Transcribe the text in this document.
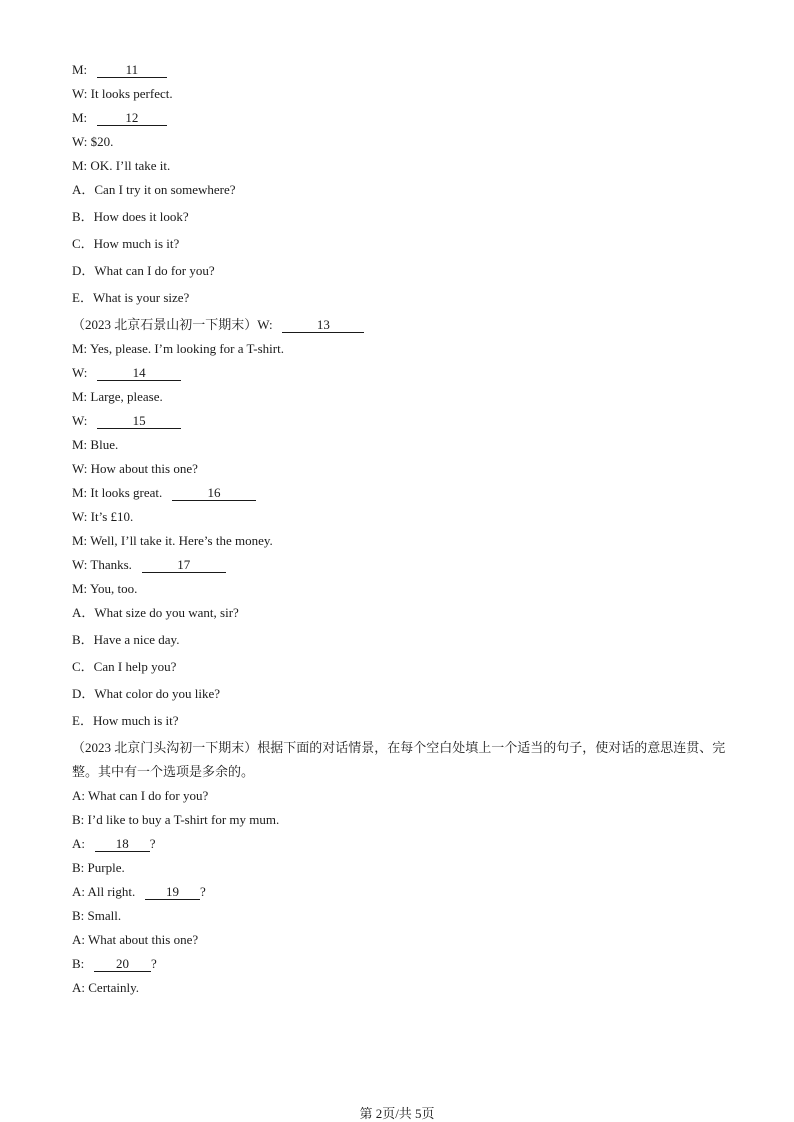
M:	11
W: It looks perfect.
M:	12
W: $20.
M: OK. I’ll take it.
A．Can I try it on somewhere?
B．How does it look?
C．How much is it?
D．What can I do for you?
E．What is your size?
（2023 北京石景山初一下期末）W:	13
M: Yes, please. I’m looking for a T-shirt.
W:	14
M: Large, please.
W:	15
M: Blue.
W: How about this one?
M: It looks great.	16
W: It’s £10.
M: Well, I’ll take it. Here’s the money.
W: Thanks.	17
M: You, too.
A．What size do you want, sir?
B．Have a nice day.
C．Can I help you?
D．What color do you like?
E．How much is it?
（2023 北京门头沟初一下期末）根据下面的对话情景，在每个空白处填上一个适当的句子，使对话的意思连贯、完整。其中有一个选项是多余的。
A: What can I do for you?
B: I’d like to buy a T-shirt for my mum.
A: 18 ?
B: Purple.
A: All right. 19 ?
B: Small.
A: What about this one?
B: 20 ?
A: Certainly.
第 2页/共 5页
